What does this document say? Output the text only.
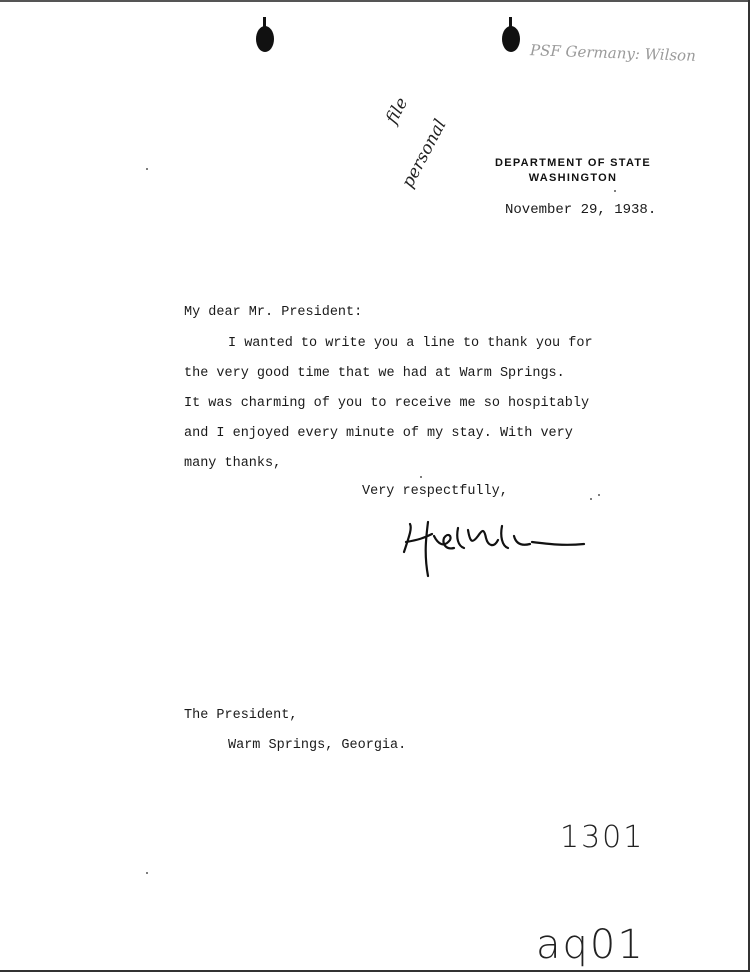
PSF Germany: Wilson
file
personal	DEPARTMENT OF STATE
WASHINGTON
November 29, 1938.
My dear Mr. President:
I wanted to write you a line to thank you for
the very good time that we had at Warm Springs.
It was charming of you to receive me so hospitably
and I enjoyed every minute of my stay. With very
many thanks,
Very respectfully,
The President,
Warm Springs, Georgia.
1301
aq01
